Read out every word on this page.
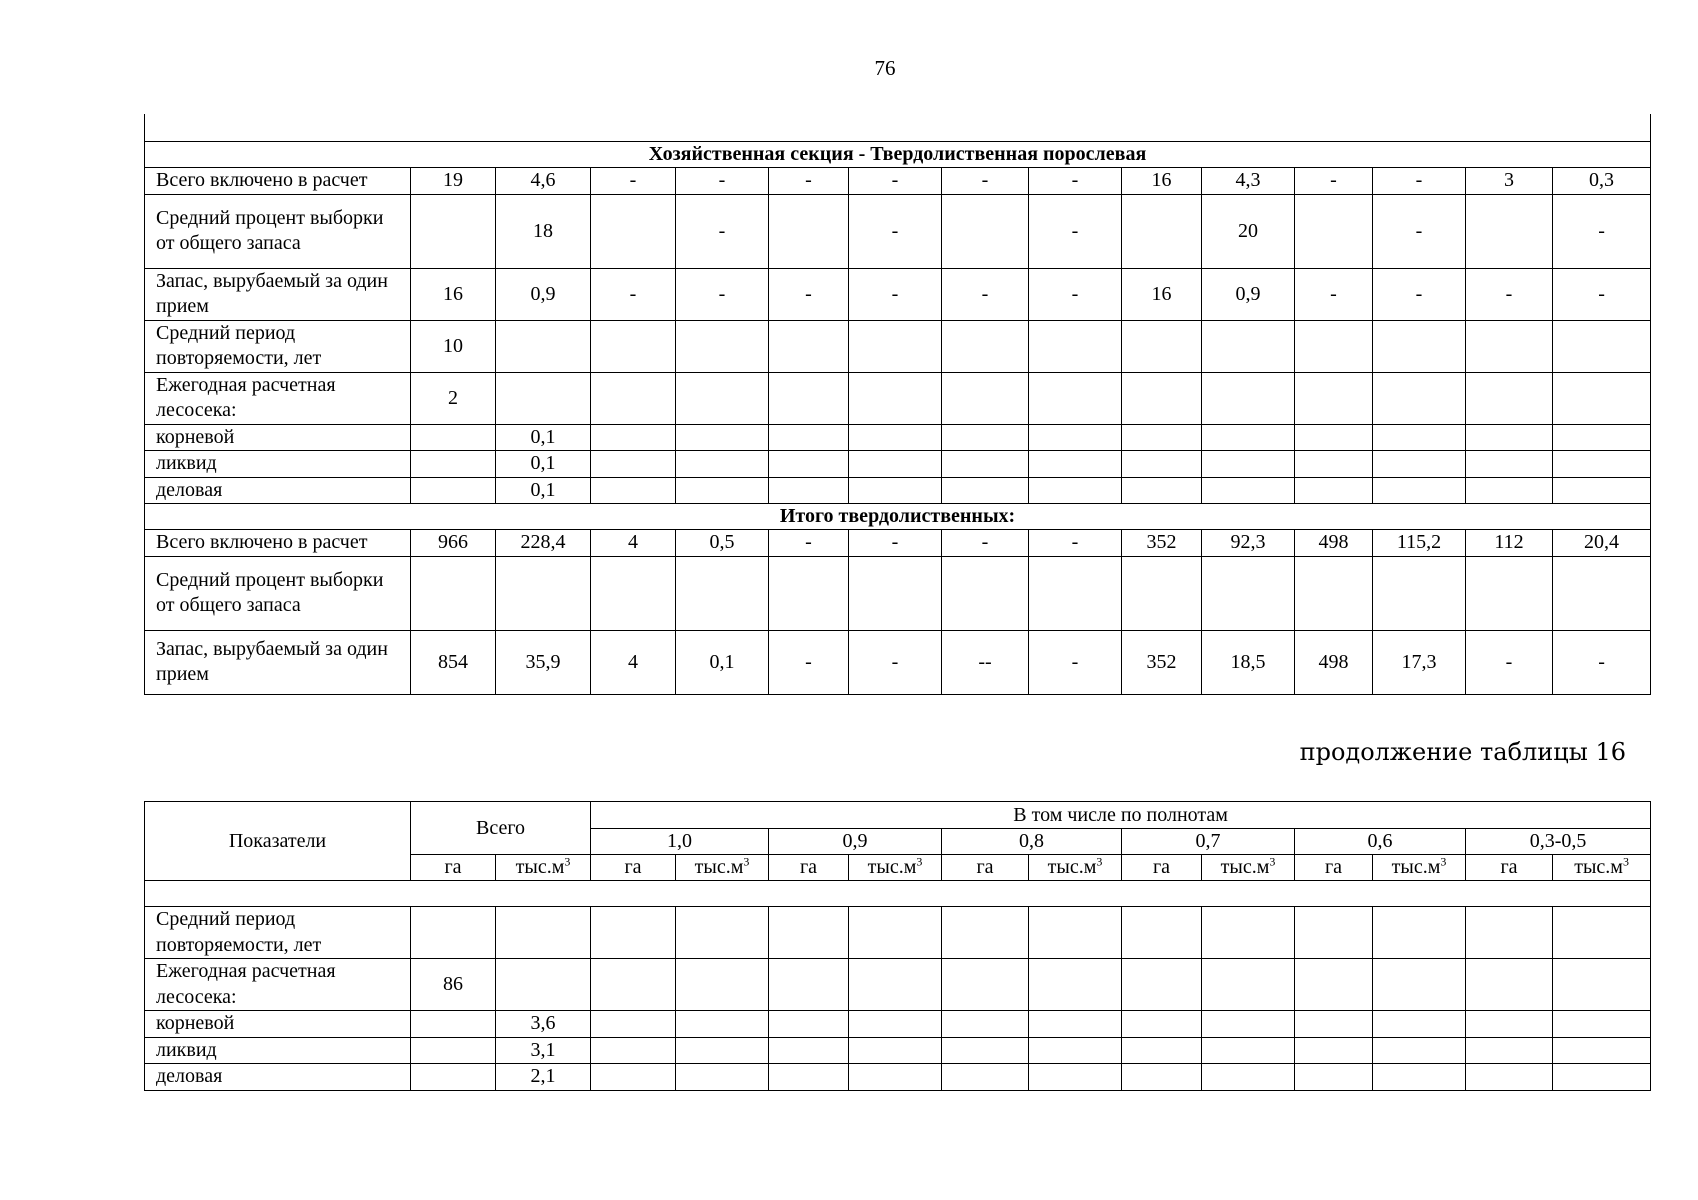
76

Хозяйственная секция - Твердолиственная порослевая														
Всего включено в расчет	19	4,6	-	-	-	-	-	-	16	4,3	-	-	3	0,3
Средний процент выборки от общего запаса		18		-		-		-		20		-		-
Запас, вырубаемый за один прием	16	0,9	-	-	-	-	-	-	16	0,9	-	-	-	-
Средний период повторяемости, лет	10													
Ежегодная расчетная лесосека:	2													
корневой		0,1												
ликвид		0,1												
деловая		0,1												
Итого твердолиственных:														
Всего включено в расчет	966	228,4	4	0,5	-	-	-	-	352	92,3	498	115,2	112	20,4
Средний процент выборки от общего запаса														
Запас, вырубаемый за один прием	854	35,9	4	0,1	-	-	--	-	352	18,5	498	17,3	-	-
продолжение таблицы 16
Показатели	Всего		В том числе по полнотам											
			1,0		0,9		0,8		0,7		0,6		0,3-0,5	
	га	$тыс.м^3$	га	$тыс.м^3$	га	$тыс.м^3$	га	$тыс.м^3$	га	$тыс.м^3$	га	$тыс.м^3$	га	$тыс.м^3$

Средний период повторяемости, лет														
Ежегодная расчетная лесосека:	86													
корневой		3,6												
ликвид		3,1												
деловая		2,1												
